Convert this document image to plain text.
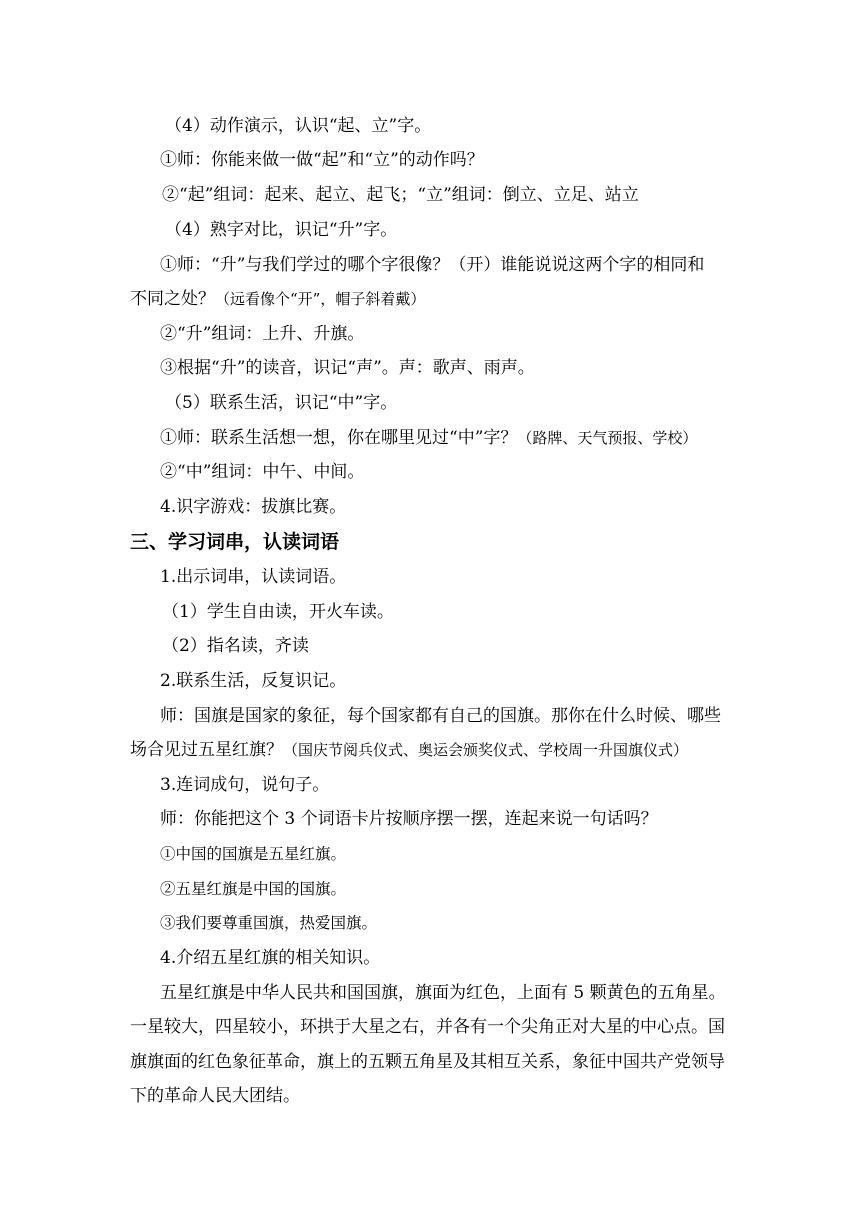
（4）动作演示，认识“起、立”字。
①师：你能来做一做“起”和“立”的动作吗？
②“起”组词：起来、起立、起飞；“立”组词：倒立、立足、站立
（4）熟字对比，识记“升”字。
①师：“升”与我们学过的哪个字很像？（开）谁能说说这两个字的相同和
不同之处？（远看像个“开”，帽子斜着戴）
②“升”组词：上升、升旗。
③根据“升”的读音，识记“声”。声：歌声、雨声。
（5）联系生活，识记“中”字。
①师：联系生活想一想，你在哪里见过“中”字？（路牌、天气预报、学校）
②“中”组词：中午、中间。
4.识字游戏：拔旗比赛。
三、学习词串，认读词语
1.出示词串，认读词语。
（1）学生自由读，开火车读。
（2）指名读，齐读
2.联系生活，反复识记。
师：国旗是国家的象征，每个国家都有自己的国旗。那你在什么时候、哪些
场合见过五星红旗？（国庆节阅兵仪式、奥运会颁奖仪式、学校周一升国旗仪式）
3.连词成句，说句子。
师：你能把这个 3 个词语卡片按顺序摆一摆，连起来说一句话吗？
①中国的国旗是五星红旗。
②五星红旗是中国的国旗。
③我们要尊重国旗，热爱国旗。
4.介绍五星红旗的相关知识。
五星红旗是中华人民共和国国旗，旗面为红色，上面有 5 颗黄色的五角星。
一星较大，四星较小，环拱于大星之右，并各有一个尖角正对大星的中心点。国
旗旗面的红色象征革命，旗上的五颗五角星及其相互关系，象征中国共产党领导
下的革命人民大团结。
